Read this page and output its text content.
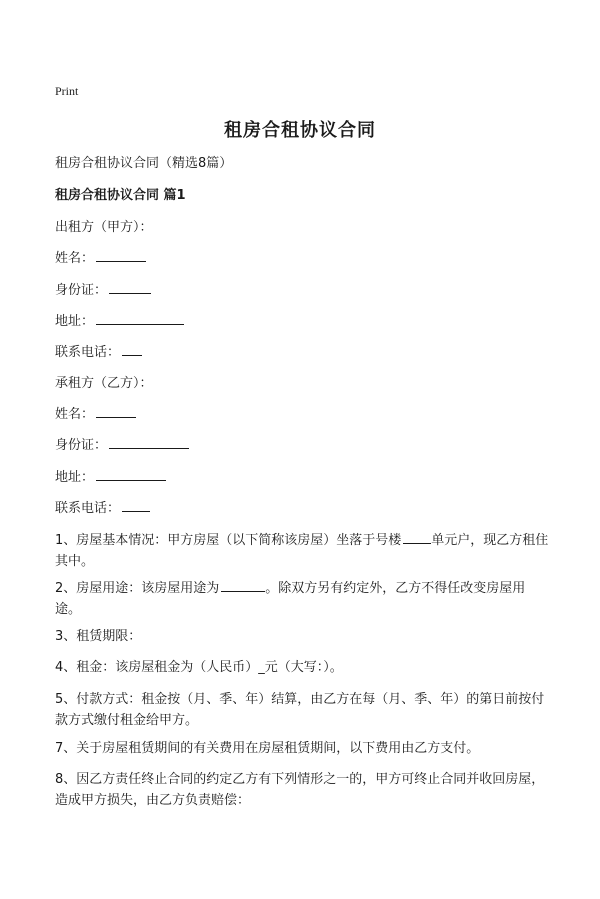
Print
租房合租协议合同
租房合租协议合同（精选8篇）
租房合租协议合同 篇1
出租方（甲方）：
姓名：
身份证：
地址：
联系电话：
承租方（乙方）：
姓名：
身份证：
地址：
联系电话：
1、房屋基本情况：甲方房屋（以下简称该房屋）坐落于号楼 单元户，现乙方租住其中。
2、房屋用途：该房屋用途为	。除双方另有约定外，乙方不得任改变房屋用途。
3、租赁期限：
4、租金：该房屋租金为（人民币）_元（大写：）。
5、付款方式：租金按（月、季、年）结算，由乙方在每（月、季、年）的第日前按付款方式缴付租金给甲方。
7、关于房屋租赁期间的有关费用在房屋租赁期间，以下费用由乙方支付。
8、因乙方责任终止合同的约定乙方有下列情形之一的，甲方可终止合同并收回房屋，造成甲方损失，由乙方负责赔偿：
